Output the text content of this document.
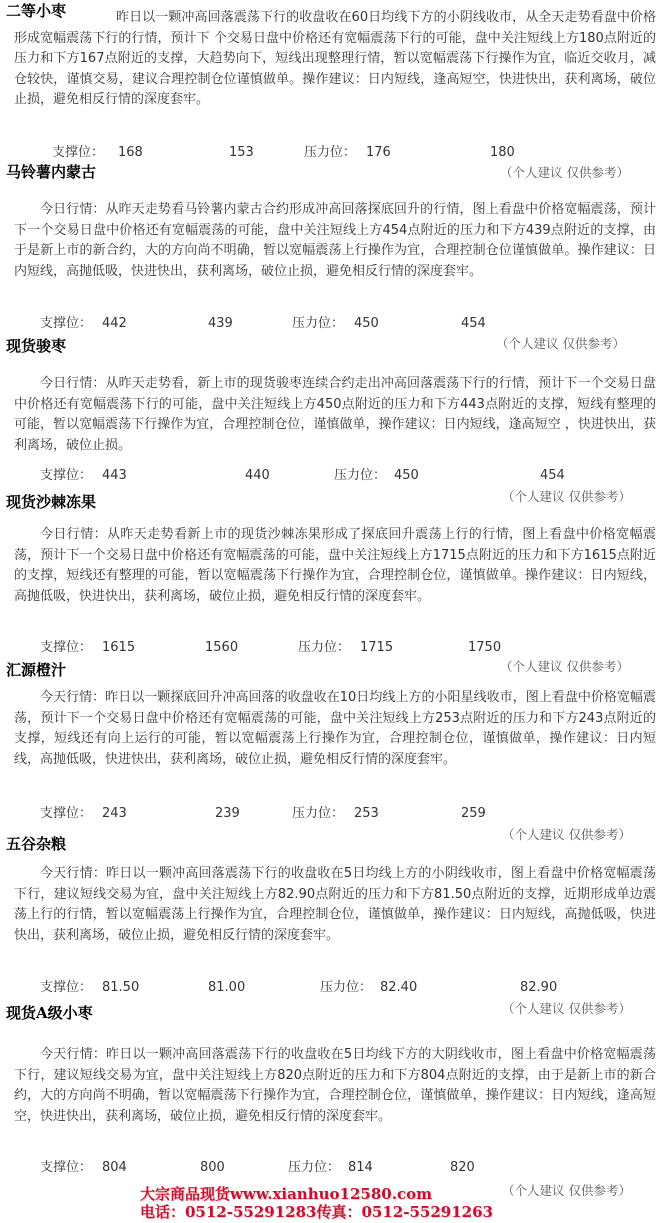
二等小枣	昨日以一颗冲高回落震荡下行的收盘收在60日均线下方的小阴线收市，从全天走势看盘中价格形成宽幅震荡下行的行情，预计下 个交易日盘中价格还有宽幅震荡下行的可能，盘中关注短线上方180点附近的压力和下方167点附近的支撑，大趋势向下，短线出现整理行情，暂以宽幅震荡下行操作为宜，临近交收月，减仓较快，谨慎交易，建议合理控制仓位谨慎做单。操作建议：日内短线，逢高短空，快进快出，获利离场，破位止损，避免相反行情的深度套牢。

支撑位： 168	153	压力位： 176	180
马铃薯内蒙古	（个人建议 仅供参考）

今日行情：从昨天走势看马铃薯内蒙古合约形成冲高回落探底回升的行情，图上看盘中价格宽幅震荡，预计下一个交易日盘中价格还有宽幅震荡的可能，盘中关注短线上方454点附近的压力和下方439点附近的支撑，由于是新上市的新合约，大的方向尚不明确，暂以宽幅震荡上行操作为宜，合理控制仓位谨慎做单。操作建议：日内短线，高抛低吸，快进快出，获利离场，破位止损，避免相反行情的深度套牢。

支撑位： 442	439	压力位： 450	454
现货骏枣	（个人建议 仅供参考）

今日行情：从昨天走势看，新上市的现货骏枣连续合约走出冲高回落震荡下行的行情，预计下一个交易日盘中价格还有宽幅震荡下行的可能，盘中关注短线上方450点附近的压力和下方443点附近的支撑，短线有整理的可能，暂以宽幅震荡下行操作为宜，合理控制仓位，谨慎做单，操作建议：日内短线，逢高短空 ，快进快出，获利离场，破位止损。

支撑位： 443	440	压力位： 450	454
现货沙棘冻果	（个人建议 仅供参考）

今日行情：从昨天走势看新上市的现货沙棘冻果形成了探底回升震荡上行的行情，图上看盘中价格宽幅震荡，预计下一个交易日盘中价格还有宽幅震荡的可能，盘中关注短线上方1715点附近的压力和下方1615点附近的支撑，短线还有整理的可能，暂以宽幅震荡下行操作为宜，合理控制仓位，谨慎做单。操作建议：日内短线，高抛低吸，快进快出，获利离场，破位止损，避免相反行情的深度套牢。

支撑位： 1615	1560	压力位： 1715	1750
汇源橙汁	（个人建议 仅供参考）

今天行情：昨日以一颗探底回升冲高回落的收盘收在10日均线上方的小阳星线收市，图上看盘中价格宽幅震荡，预计下一个交易日盘中价格还有宽幅震荡的可能，盘中关注短线上方253点附近的压力和下方243点附近的支撑，短线还有向上运行的可能，暂以宽幅震荡上行操作为宜，合理控制仓位，谨慎做单，操作建议：日内短线，高抛低吸，快进快出，获利离场，破位止损，避免相反行情的深度套牢。

支撑位： 243	239	压力位： 253	259
五谷杂粮
（个人建议 仅供参考）

今天行情：昨日以一颗冲高回落震荡下行的收盘收在5日均线上方的小阴线收市，图上看盘中价格宽幅震荡下行，建议短线交易为宜，盘中关注短线上方82.90点附近的压力和下方81.50点附近的支撑，近期形成单边震荡上行的行情，暂以宽幅震荡上行操作为宜，合理控制仓位，谨慎做单，操作建议：日内短线，高抛低吸，快进快出，获利离场，破位止损，避免相反行情的深度套牢。

支撑位： 81.50	81.00	压力位： 82.40	82.90
现货A级小枣	（个人建议 仅供参考）

今天行情：昨日以一颗冲高回落震荡下行的收盘收在5日均线下方的大阴线收市，图上看盘中价格宽幅震荡下行，建议短线交易为宜，盘中关注短线上方820点附近的压力和下方804点附近的支撑，由于是新上市的新合约，大的方向尚不明确，暂以宽幅震荡下行操作为宜，合理控制仓位，谨慎做单，操作建议：日内短线，逢高短空，快进快出，获利离场，破位止损，避免相反行情的深度套牢。

支撑位： 804	800	压力位： 814	820
（个人建议 仅供参考）
大宗商品现货www.xianhuo12580.com
电话：0512-55291283传真：0512-55291263
